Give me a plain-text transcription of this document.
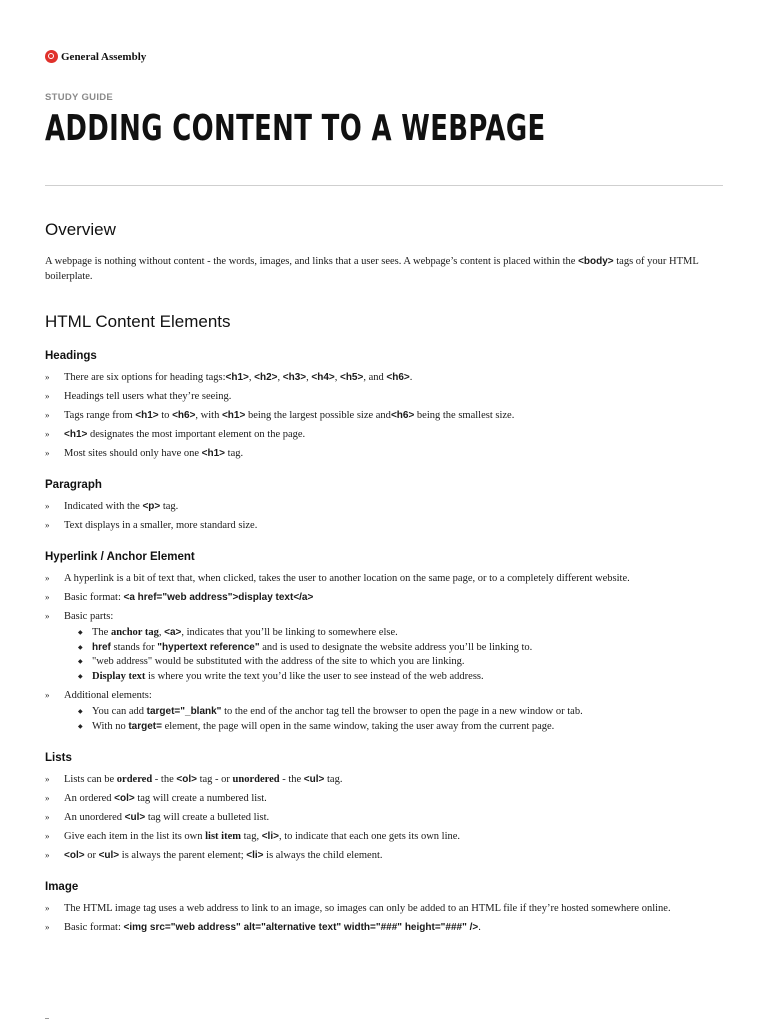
General Assembly
STUDY GUIDE
ADDING CONTENT TO A WEBPAGE
Overview

A webpage is nothing without content - the words, images, and links that a user sees. A webpage’s content is placed within the <body> tags of your HTML boilerplate.

HTML Content Elements
Headings
» There are six options for heading tags:<h1>, <h2>, <h3>, <h4>, <h5>, and <h6>.
» Headings tell users what they’re seeing.
» Tags range from <h1> to <h6>, with <h1> being the largest possible size and<h6> being the smallest size.
» <h1> designates the most important element on the page.
» Most sites should only have one <h1> tag.
Paragraph
» Indicated with the <p> tag.
» Text displays in a smaller, more standard size.
Hyperlink / Anchor Element
» A hyperlink is a bit of text that, when clicked, takes the user to another location on the same page, or to a completely different website.
» Basic format: <a href="web address">display text</a>
» Basic parts:
◆ The anchor tag, <a>, indicates that you’ll be linking to somewhere else.
◆ href stands for "hypertext reference" and is used to designate the website address you’ll be linking to.
◆ "web address" would be substituted with the address of the site to which you are linking.
◆ Display text is where you write the text you’d like the user to see instead of the web address.
» Additional elements:
◆ You can add target="_blank" to the end of the anchor tag tell the browser to open the page in a new window or tab.
◆ With no target= element, the page will open in the same window, taking the user away from the current page.
Lists
» Lists can be ordered - the <ol> tag - or unordered - the <ul> tag.
» An ordered <ol> tag will create a numbered list.
» An unordered <ul> tag will create a bulleted list.
» Give each item in the list its own list item tag, <li>, to indicate that each one gets its own line.
» <ol> or <ul> is always the parent element; <li> is always the child element.
Image
» The HTML image tag uses a web address to link to an image, so images can only be added to an HTML file if they’re hosted somewhere online.
» Basic format: <img src="web address" alt="alternative text" width="###" height="###" />.
